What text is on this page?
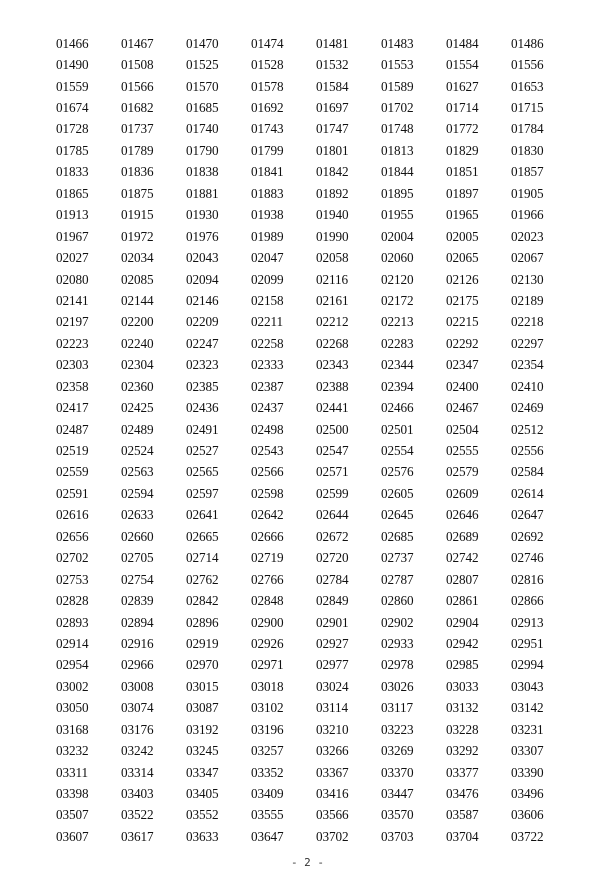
01466	01467	01470	01474	01481	01483	01484	01486
01490	01508	01525	01528	01532	01553	01554	01556
01559	01566	01570	01578	01584	01589	01627	01653
01674	01682	01685	01692	01697	01702	01714	01715
01728	01737	01740	01743	01747	01748	01772	01784
01785	01789	01790	01799	01801	01813	01829	01830
01833	01836	01838	01841	01842	01844	01851	01857
01865	01875	01881	01883	01892	01895	01897	01905
01913	01915	01930	01938	01940	01955	01965	01966
01967	01972	01976	01989	01990	02004	02005	02023
02027	02034	02043	02047	02058	02060	02065	02067
02080	02085	02094	02099	02116	02120	02126	02130
02141	02144	02146	02158	02161	02172	02175	02189
02197	02200	02209	02211	02212	02213	02215	02218
02223	02240	02247	02258	02268	02283	02292	02297
02303	02304	02323	02333	02343	02344	02347	02354
02358	02360	02385	02387	02388	02394	02400	02410
02417	02425	02436	02437	02441	02466	02467	02469
02487	02489	02491	02498	02500	02501	02504	02512
02519	02524	02527	02543	02547	02554	02555	02556
02559	02563	02565	02566	02571	02576	02579	02584
02591	02594	02597	02598	02599	02605	02609	02614
02616	02633	02641	02642	02644	02645	02646	02647
02656	02660	02665	02666	02672	02685	02689	02692
02702	02705	02714	02719	02720	02737	02742	02746
02753	02754	02762	02766	02784	02787	02807	02816
02828	02839	02842	02848	02849	02860	02861	02866
02893	02894	02896	02900	02901	02902	02904	02913
02914	02916	02919	02926	02927	02933	02942	02951
02954	02966	02970	02971	02977	02978	02985	02994
03002	03008	03015	03018	03024	03026	03033	03043
03050	03074	03087	03102	03114	03117	03132	03142
03168	03176	03192	03196	03210	03223	03228	03231
03232	03242	03245	03257	03266	03269	03292	03307
03311	03314	03347	03352	03367	03370	03377	03390
03398	03403	03405	03409	03416	03447	03476	03496
03507	03522	03552	03555	03566	03570	03587	03606
03607	03617	03633	03647	03702	03703	03704	03722
- 2 -
